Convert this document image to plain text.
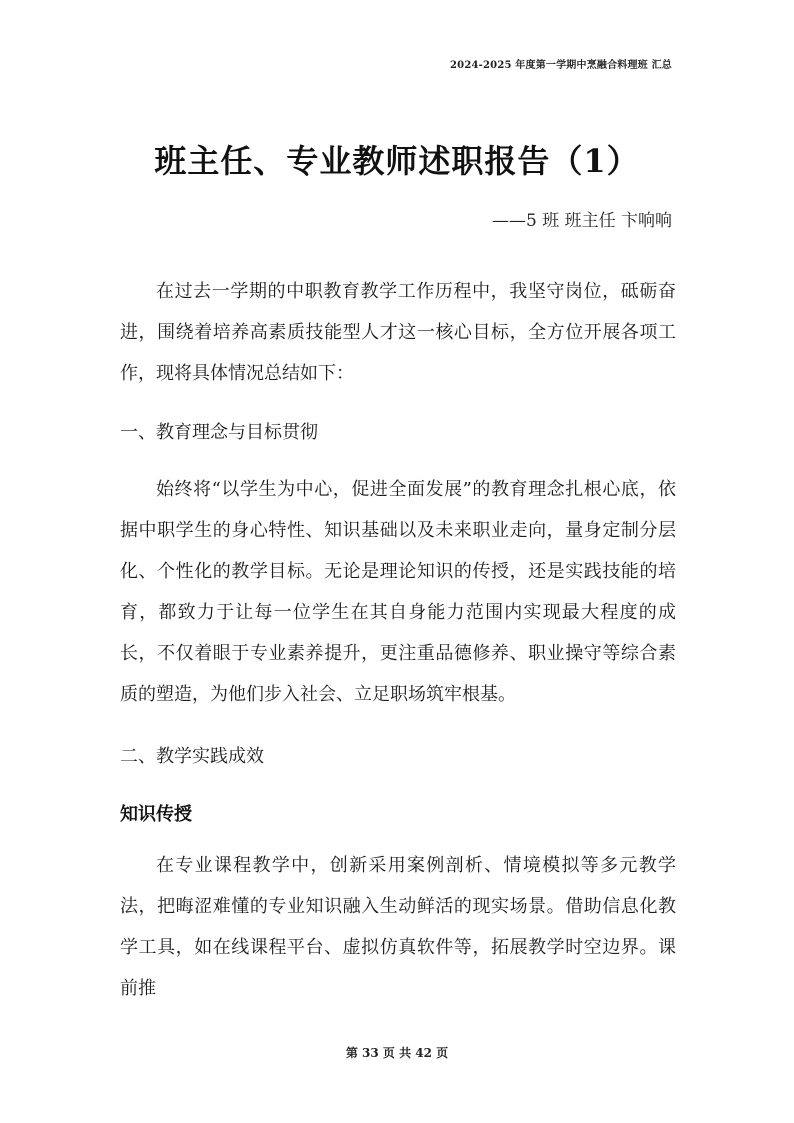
2024-2025 年度第一学期中烹融合料理班 汇总
班主任、专业教师述职报告（1）
——5 班 班主任 卞响响
在过去一学期的中职教育教学工作历程中，我坚守岗位，砥砺奋进，围绕着培养高素质技能型人才这一核心目标，全方位开展各项工作，现将具体情况总结如下：
一、教育理念与目标贯彻
始终将“以学生为中心，促进全面发展”的教育理念扎根心底，依据中职学生的身心特性、知识基础以及未来职业走向，量身定制分层化、个性化的教学目标。无论是理论知识的传授，还是实践技能的培育，都致力于让每一位学生在其自身能力范围内实现最大程度的成长，不仅着眼于专业素养提升，更注重品德修养、职业操守等综合素质的塑造，为他们步入社会、立足职场筑牢根基。
二、教学实践成效
知识传授
在专业课程教学中，创新采用案例剖析、情境模拟等多元教学法，把晦涩难懂的专业知识融入生动鲜活的现实场景。借助信息化教学工具，如在线课程平台、虚拟仿真软件等，拓展教学时空边界。课前推
第 33 页 共 42 页
